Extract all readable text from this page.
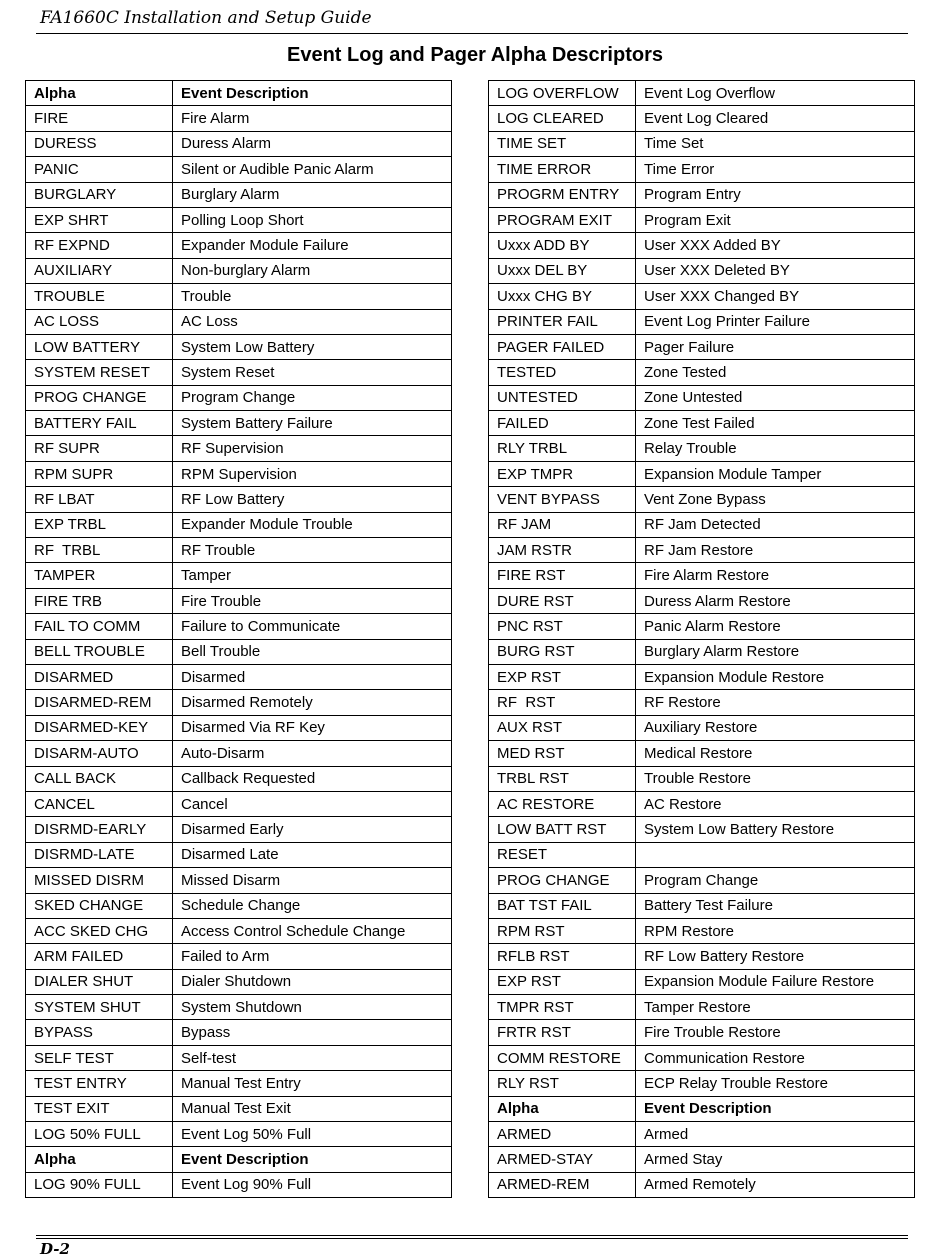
FA1660C Installation and Setup Guide
Event Log and Pager Alpha Descriptors
Alpha	Event Description
FIRE	Fire Alarm
DURESS	Duress Alarm
PANIC	Silent or Audible Panic Alarm
BURGLARY	Burglary Alarm
EXP SHRT	Polling Loop Short
RF EXPND	Expander Module Failure
AUXILIARY	Non-burglary Alarm
TROUBLE	Trouble
AC LOSS	AC Loss
LOW BATTERY	System Low Battery
SYSTEM RESET	System Reset
PROG CHANGE	Program Change
BATTERY FAIL	System Battery Failure
RF SUPR	RF Supervision
RPM SUPR	RPM Supervision
RF LBAT	RF Low Battery
EXP TRBL	Expander Module Trouble
RF  TRBL	RF Trouble
TAMPER	Tamper
FIRE TRB	Fire Trouble
FAIL TO COMM	Failure to Communicate
BELL TROUBLE	Bell Trouble
DISARMED	Disarmed
DISARMED-REM	Disarmed Remotely
DISARMED-KEY	Disarmed Via RF Key
DISARM-AUTO	Auto-Disarm
CALL BACK	Callback Requested
CANCEL	Cancel
DISRMD-EARLY	Disarmed Early
DISRMD-LATE	Disarmed Late
MISSED DISRM	Missed Disarm
SKED CHANGE	Schedule Change
ACC SKED CHG	Access Control Schedule Change
ARM FAILED	Failed to Arm
DIALER SHUT	Dialer Shutdown
SYSTEM SHUT	System Shutdown
BYPASS	Bypass
SELF TEST	Self-test
TEST ENTRY	Manual Test Entry
TEST EXIT	Manual Test Exit
LOG 50% FULL	Event Log 50% Full
Alpha	Event Description
LOG 90% FULL	Event Log 90% Full
LOG OVERFLOW	Event Log Overflow
LOG CLEARED	Event Log Cleared
TIME SET	Time Set
TIME ERROR	Time Error
PROGRM ENTRY	Program Entry
PROGRAM EXIT	Program Exit
Uxxx ADD BY	User XXX Added BY
Uxxx DEL BY	User XXX Deleted BY
Uxxx CHG BY	User XXX Changed BY
PRINTER FAIL	Event Log Printer Failure
PAGER FAILED	Pager Failure
TESTED	Zone Tested
UNTESTED	Zone Untested
FAILED	Zone Test Failed
RLY TRBL	Relay Trouble
EXP TMPR	Expansion Module Tamper
VENT BYPASS	Vent Zone Bypass
RF JAM	RF Jam Detected
JAM RSTR	RF Jam Restore
FIRE RST	Fire Alarm Restore
DURE RST	Duress Alarm Restore
PNC RST	Panic Alarm Restore
BURG RST	Burglary Alarm Restore
EXP RST	Expansion Module Restore
RF  RST	RF Restore
AUX RST	Auxiliary Restore
MED RST	Medical Restore
TRBL RST	Trouble Restore
AC RESTORE	AC Restore
LOW BATT RST	System Low Battery Restore
RESET	
PROG CHANGE	Program Change
BAT TST FAIL	Battery Test Failure
RPM RST	RPM Restore
RFLB RST	RF Low Battery Restore
EXP RST	Expansion Module Failure Restore
TMPR RST	Tamper Restore
FRTR RST	Fire Trouble Restore
COMM RESTORE	Communication Restore
RLY RST	ECP Relay Trouble Restore
Alpha	Event Description
ARMED	Armed
ARMED-STAY	Armed Stay
ARMED-REM	Armed Remotely
D-2
